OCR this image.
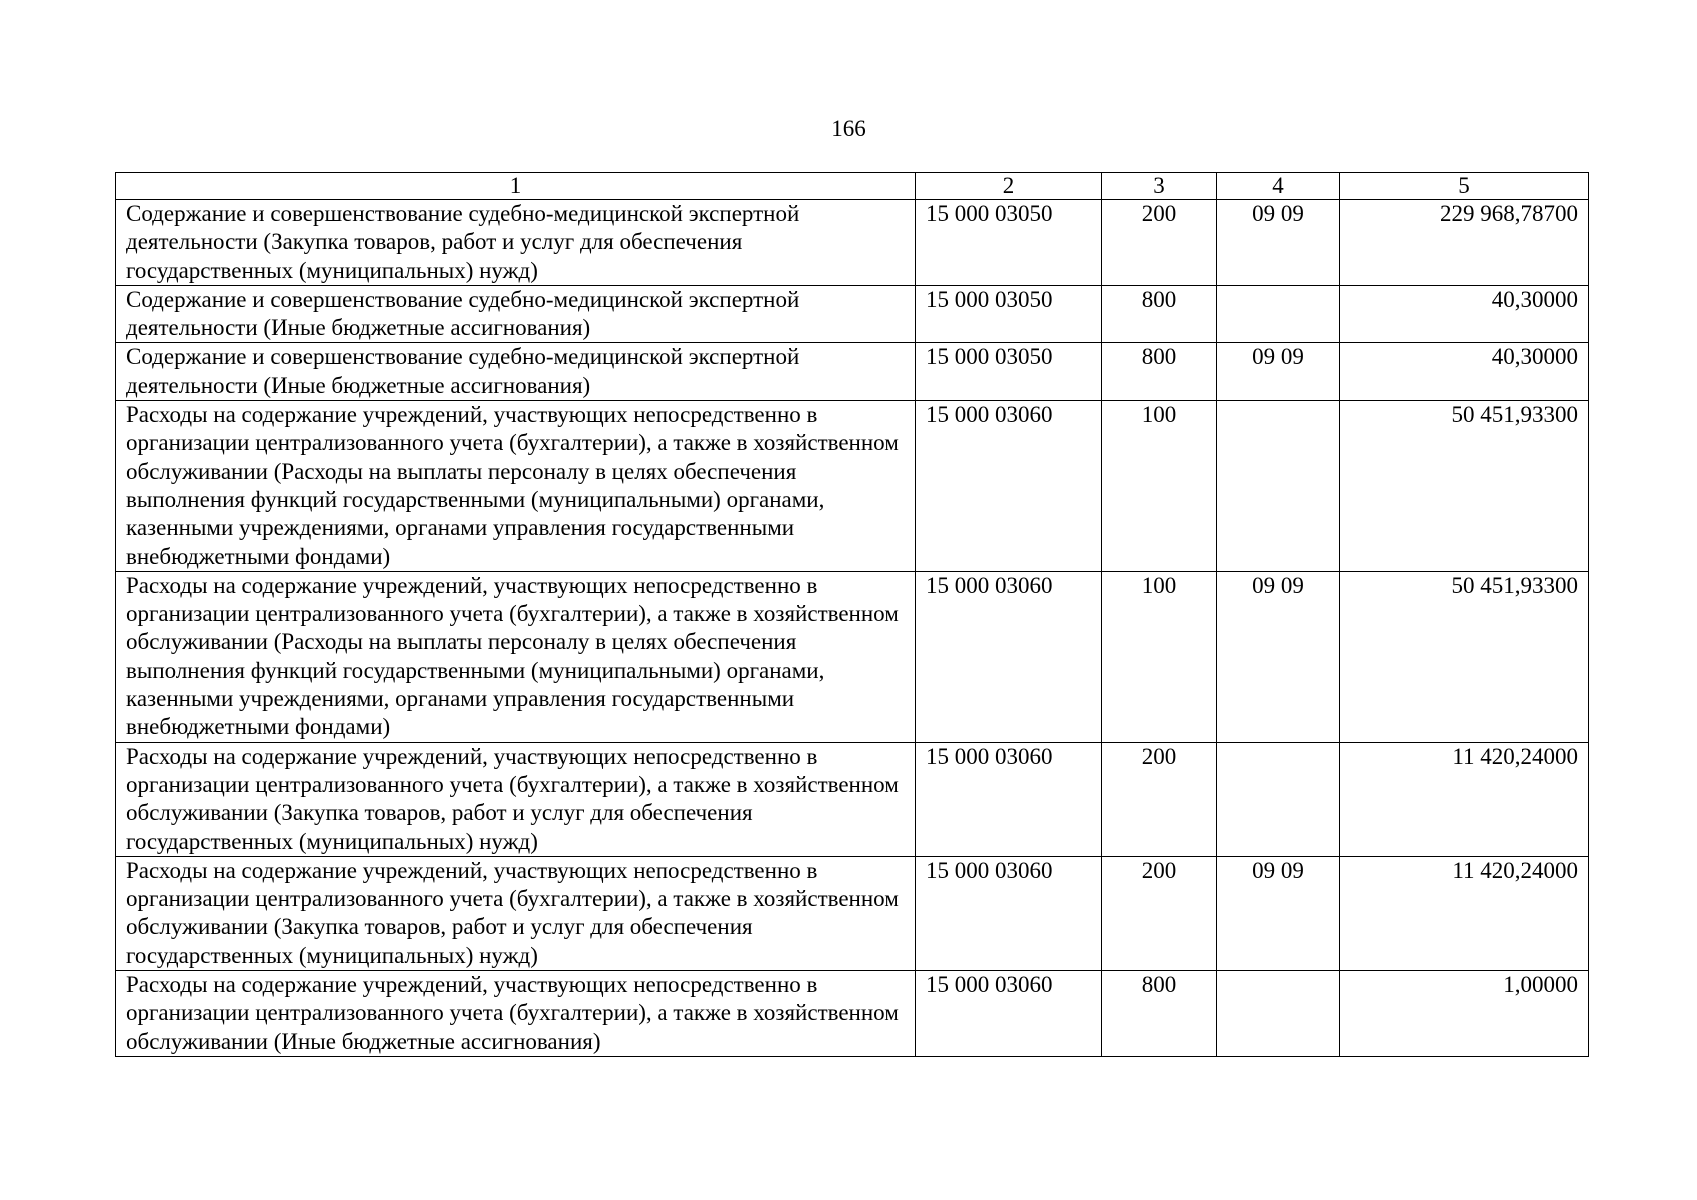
166
1	2	3	4	5
Содержание и совершенствование судебно-медицинской экспертной деятельности (Закупка товаров, работ и услуг для обеспечения государственных (муниципальных) нужд)	15 000 03050	200	09 09	229 968,78700
Содержание и совершенствование судебно-медицинской экспертной деятельности (Иные бюджетные ассигнования)	15 000 03050	800		40,30000
Содержание и совершенствование судебно-медицинской экспертной деятельности (Иные бюджетные ассигнования)	15 000 03050	800	09 09	40,30000
Расходы на содержание учреждений, участвующих непосредственно в организации централизованного учета (бухгалтерии), а также в хозяйственном обслуживании (Расходы на выплаты персоналу в целях обеспечения выполнения функций государственными (муниципальными) органами, казенными учреждениями, органами управления государственными внебюджетными фондами)	15 000 03060	100		50 451,93300
Расходы на содержание учреждений, участвующих непосредственно в организации централизованного учета (бухгалтерии), а также в хозяйственном обслуживании (Расходы на выплаты персоналу в целях обеспечения выполнения функций государственными (муниципальными) органами, казенными учреждениями, органами управления государственными внебюджетными фондами)	15 000 03060	100	09 09	50 451,93300
Расходы на содержание учреждений, участвующих непосредственно в организации централизованного учета (бухгалтерии), а также в хозяйственном обслуживании (Закупка товаров, работ и услуг для обеспечения государственных (муниципальных) нужд)	15 000 03060	200		11 420,24000
Расходы на содержание учреждений, участвующих непосредственно в организации централизованного учета (бухгалтерии), а также в хозяйственном обслуживании (Закупка товаров, работ и услуг для обеспечения государственных (муниципальных) нужд)	15 000 03060	200	09 09	11 420,24000
Расходы на содержание учреждений, участвующих непосредственно в организации централизованного учета (бухгалтерии), а также в хозяйственном обслуживании (Иные бюджетные ассигнования)	15 000 03060	800		1,00000
